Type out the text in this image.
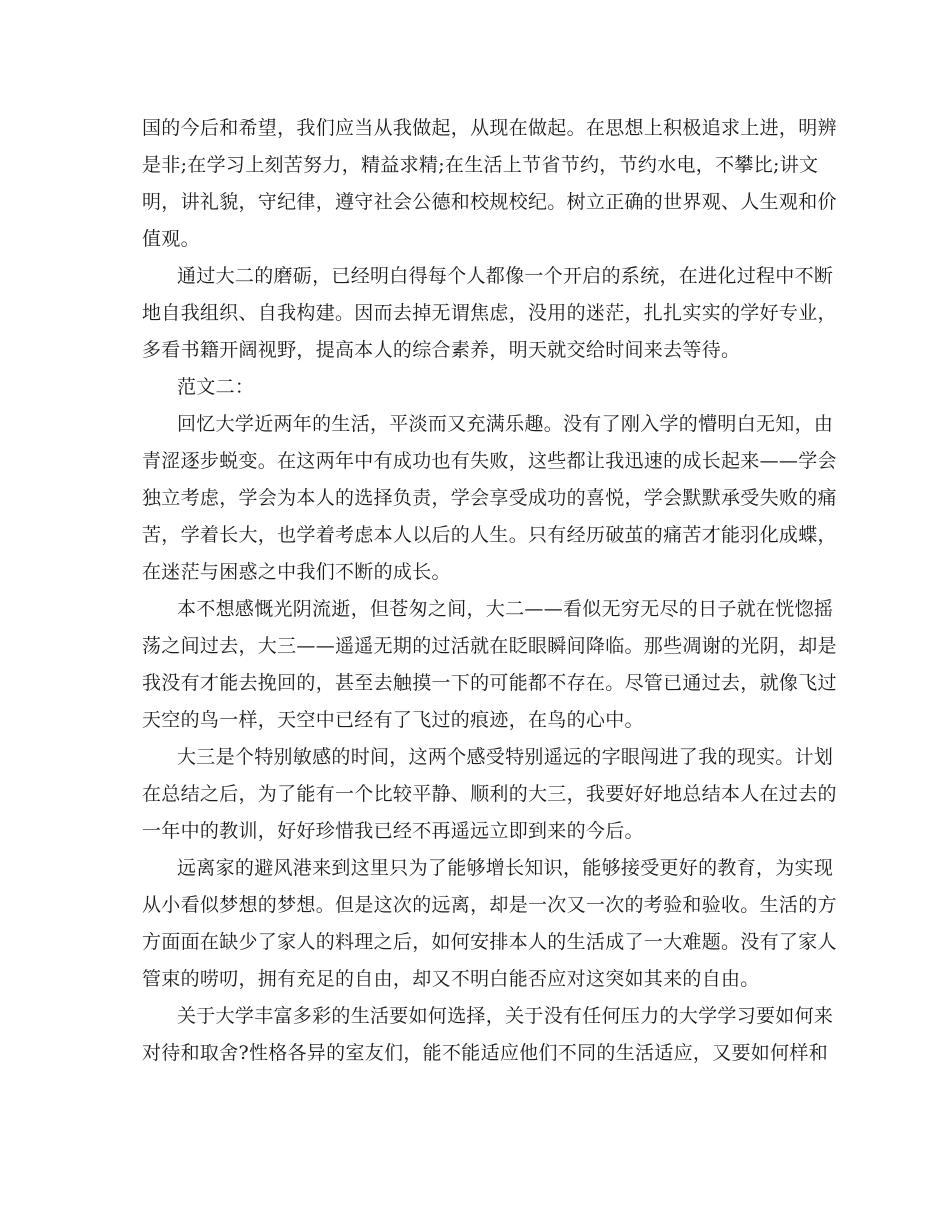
国的今后和希望，我们应当从我做起，从现在做起。在思想上积极追求上进，明辨
是非;在学习上刻苦努力，精益求精;在生活上节省节约，节约水电，不攀比;讲文
明，讲礼貌，守纪律，遵守社会公德和校规校纪。树立正确的世界观、人生观和价
值观。
通过大二的磨砺，已经明白得每个人都像一个开启的系统，在进化过程中不断
地自我组织、自我构建。因而去掉无谓焦虑，没用的迷茫，扎扎实实的学好专业，
多看书籍开阔视野，提高本人的综合素养，明天就交给时间来去等待。
范文二：
回忆大学近两年的生活，平淡而又充满乐趣。没有了刚入学的懵明白无知，由
青涩逐步蜕变。在这两年中有成功也有失败，这些都让我迅速的成长起来——学会
独立考虑，学会为本人的选择负责，学会享受成功的喜悦，学会默默承受失败的痛
苦，学着长大，也学着考虑本人以后的人生。只有经历破茧的痛苦才能羽化成蝶，
在迷茫与困惑之中我们不断的成长。
本不想感慨光阴流逝，但苍匆之间，大二——看似无穷无尽的日子就在恍惚摇
荡之间过去，大三——遥遥无期的过活就在眨眼瞬间降临。那些凋谢的光阴，却是
我没有才能去挽回的，甚至去触摸一下的可能都不存在。尽管已通过去，就像飞过
天空的鸟一样，天空中已经有了飞过的痕迹，在鸟的心中。
大三是个特别敏感的时间，这两个感受特别遥远的字眼闯进了我的现实。计划
在总结之后，为了能有一个比较平静、顺利的大三，我要好好地总结本人在过去的
一年中的教训，好好珍惜我已经不再遥远立即到来的今后。
远离家的避风港来到这里只为了能够增长知识，能够接受更好的教育，为实现
从小看似梦想的梦想。但是这次的远离，却是一次又一次的考验和验收。生活的方
方面面在缺少了家人的料理之后，如何安排本人的生活成了一大难题。没有了家人
管束的唠叨，拥有充足的自由，却又不明白能否应对这突如其来的自由。
关于大学丰富多彩的生活要如何选择，关于没有任何压力的大学学习要如何来
对待和取舍?性格各异的室友们，能不能适应他们不同的生活适应，又要如何样和
